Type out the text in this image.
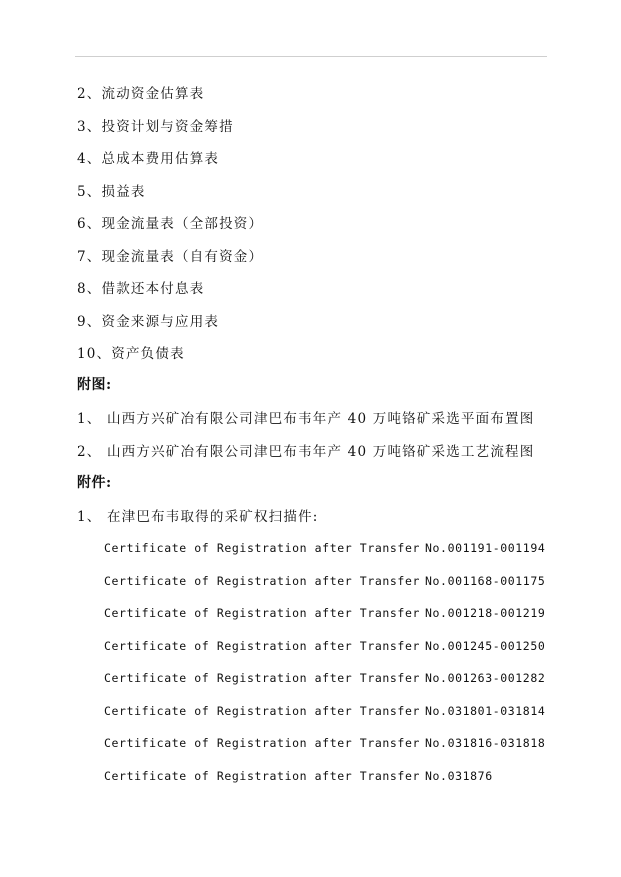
2、流动资金估算表
3、投资计划与资金筹措
4、总成本费用估算表
5、损益表
6、现金流量表（全部投资）
7、现金流量表（自有资金）
8、借款还本付息表
9、资金来源与应用表
10、资产负债表
附图:
1、 山西方兴矿冶有限公司津巴布韦年产 40 万吨铬矿采选平面布置图
2、 山西方兴矿冶有限公司津巴布韦年产 40 万吨铬矿采选工艺流程图
附件:
1、 在津巴布韦取得的采矿权扫描件:
Certificate of Registration after Transfer No.001191-001194
Certificate of Registration after Transfer No.001168-001175
Certificate of Registration after Transfer No.001218-001219
Certificate of Registration after Transfer No.001245-001250
Certificate of Registration after Transfer No.001263-001282
Certificate of Registration after Transfer No.031801-031814
Certificate of Registration after Transfer No.031816-031818
Certificate of Registration after Transfer No.031876
